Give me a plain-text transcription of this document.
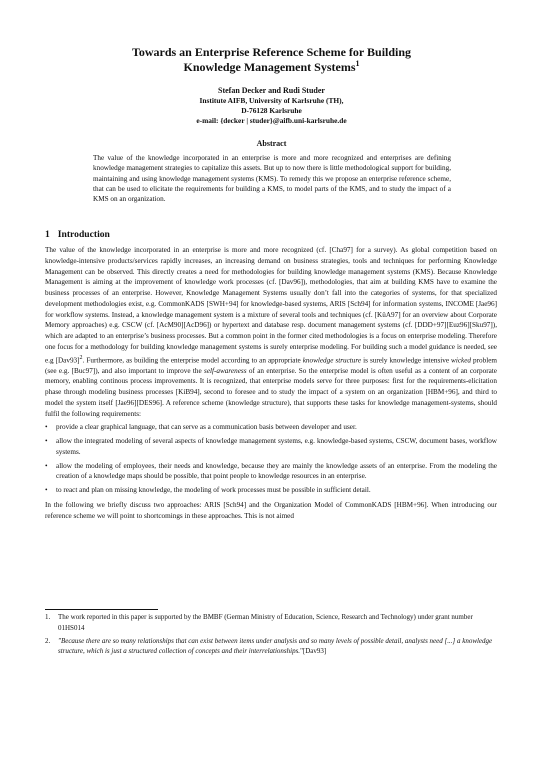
Towards an Enterprise Reference Scheme for Building
Knowledge Management Systems$^1$
Stefan Decker and Rudi Studer
Institute AIFB, University of Karlsruhe (TH),
D-76128 Karlsruhe
e-mail: {decker | studer}@aifb.uni-karlsruhe.de
Abstract
The value of the knowledge incorporated in an enterprise is more and more recognized and enterprises are defining knowledge management strategies to capitalize this assets. But up to now there is little methodological support for building, maintaining and using knowledge management systems (KMS). To remedy this we propose an enterprise reference scheme, that can be used to elicitate the requirements for building a KMS, to model parts of the KMS, and to study the impact of a KMS on an organization.
1 Introduction

The value of the knowledge incorporated in an enterprise is more and more recognized (cf. [Cha97] for a survey). As global competition based on knowledge-intensive products/services rapidly increases, an increasing demand on business strategies, tools and techniques for performing Knowledge Management can be observed. This directly creates a need for methodologies for building knowledge management systems (KMS). Because Knowledge Management is aiming at the improvement of knowledge work processes (cf. [Dav96]), methodologies, that aim at building KMS have to examine the business processes of an enterprise. However, Knowledge Management Systems usually don’t fall into the categories of systems, for that specialized development methodologies exist, e.g. CommonKADS [SWH+94] for knowledge-based systems, ARIS [Sch94] for information systems, INCOME [Jae96] for workflow systems. Instead, a knowledge management system is a mixture of several tools and techniques (cf. [KüA97] for an overview about Corporate Memory approaches) e.g. CSCW (cf. [AcM90][AcD96]) or hypertext and database resp. document management systems (cf. [DDD+97][Euz96][Sku97]), which are adapted to an enterprise’s business processes. But a common point in the former cited methodologies is a focus on enterprise modeling. Therefore one focus for a methodology for building knowledge management systems is surely enterprise modeling. For building such a model guidance is needed, see e.g $[Dav93]^2$. Furthermore, as building the enterprise model according to an appropriate knowledge structure is surely knowledge intensive wicked problem (see e.g. [Buc97]), and also important to improve the self-awareness of an enterprise. So the enterprise model is often useful as a content of an corporate memory, enabling continous process improvements. It is recognized, that enterprise models serve for three purposes: first for the requirements-elicitation phase through modeling business processes [KiB94], second to foresee and to study the impact of a system on an organization [HBM+96], and third to model the system itself [Jae96][DES96]. A reference scheme (knowledge structure), that supports these tasks for knowledge management-systems, should fulfil the following requirements:

• provide a clear graphical language, that can serve as a communication basis between developer and user.
• allow the integrated modeling of several aspects of knowledge management systems, e.g. knowledge-based systems, CSCW, document bases, workflow systems.
• allow the modeling of employees, their needs and knowledge, because they are mainly the knowledge assets of an enterprise. From the modeling the creation of a knowledge maps should be possible, that point people to knowledge resources in an enterprise.
• to react and plan on missing knowledge, the modeling of work processes must be possible in sufficient detail.

In the following we briefly discuss two approaches: ARIS [Sch94] and the Organization Model of CommonKADS [HBM+96]. When introducing our reference scheme we will point to shortcomings in these approaches. This is not aimed

1. The work reported in this paper is supported by the BMBF (German Ministry of Education, Science, Research and Technology) under grant number 01HS014
2. "Because there are so many relationships that can exist between items under analysis and so many levels of possible detail, analysts need [...] a knowledge structure, which is just a structured collection of concepts and their interrelationships."[Dav93]
